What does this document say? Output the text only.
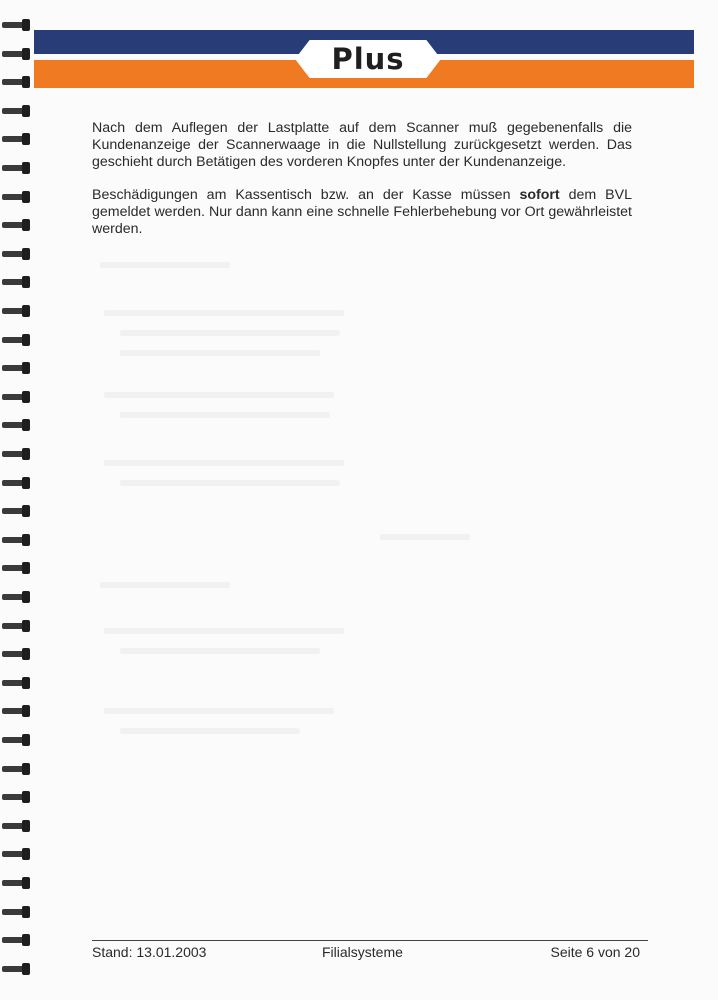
Plus

Nach dem Auflegen der Lastplatte auf dem Scanner muß gegebenenfalls die Kundenanzeige der Scannerwaage in die Nullstellung zurückgesetzt werden. Das geschieht durch Betätigen des vorderen Knopfes unter der Kundenanzeige.

Beschädigungen am Kassentisch bzw. an der Kasse müssen sofort dem BVL gemeldet werden. Nur dann kann eine schnelle Fehlerbehebung vor Ort gewährleistet werden.

Stand: 13.01.2003	Filialsysteme	Seite 6 von 20
